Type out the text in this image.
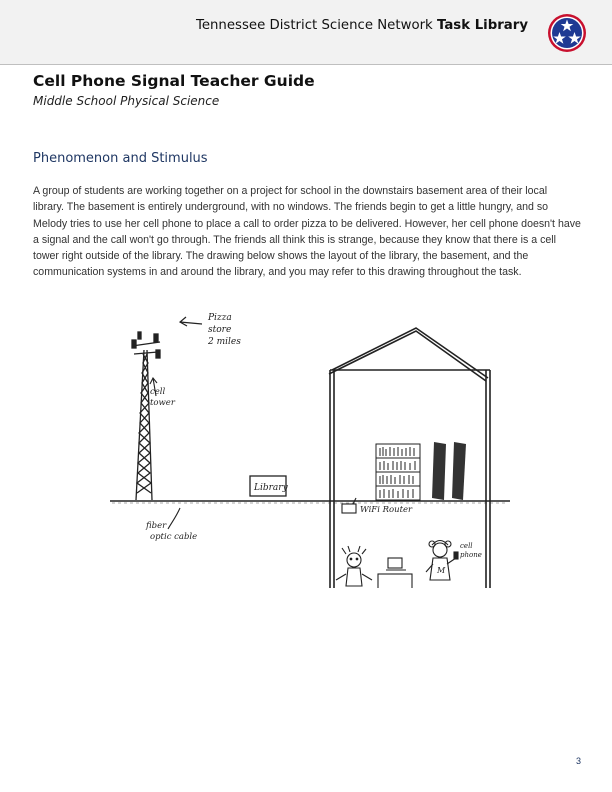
Tennessee District Science Network Task Library
Cell Phone Signal Teacher Guide
Middle School Physical Science
Phenomenon and Stimulus
A group of students are working together on a project for school in the downstairs basement area of their local library. The basement is entirely underground, with no windows. The friends begin to get a little hungry, and so Melody tries to use her cell phone to place a call to order pizza to be delivered. However, her cell phone doesn't have a signal and the call won't go through. The friends all think this is strange, because they know that there is a cell tower right outside of the library. The drawing below shows the layout of the library, the basement, and the communication systems in and around the library, and you may refer to this drawing throughout the task.
Pizza
store
2 miles
cell
tower
Library
WiFi Router
fiber
optic cable
M
cell
phone
3
